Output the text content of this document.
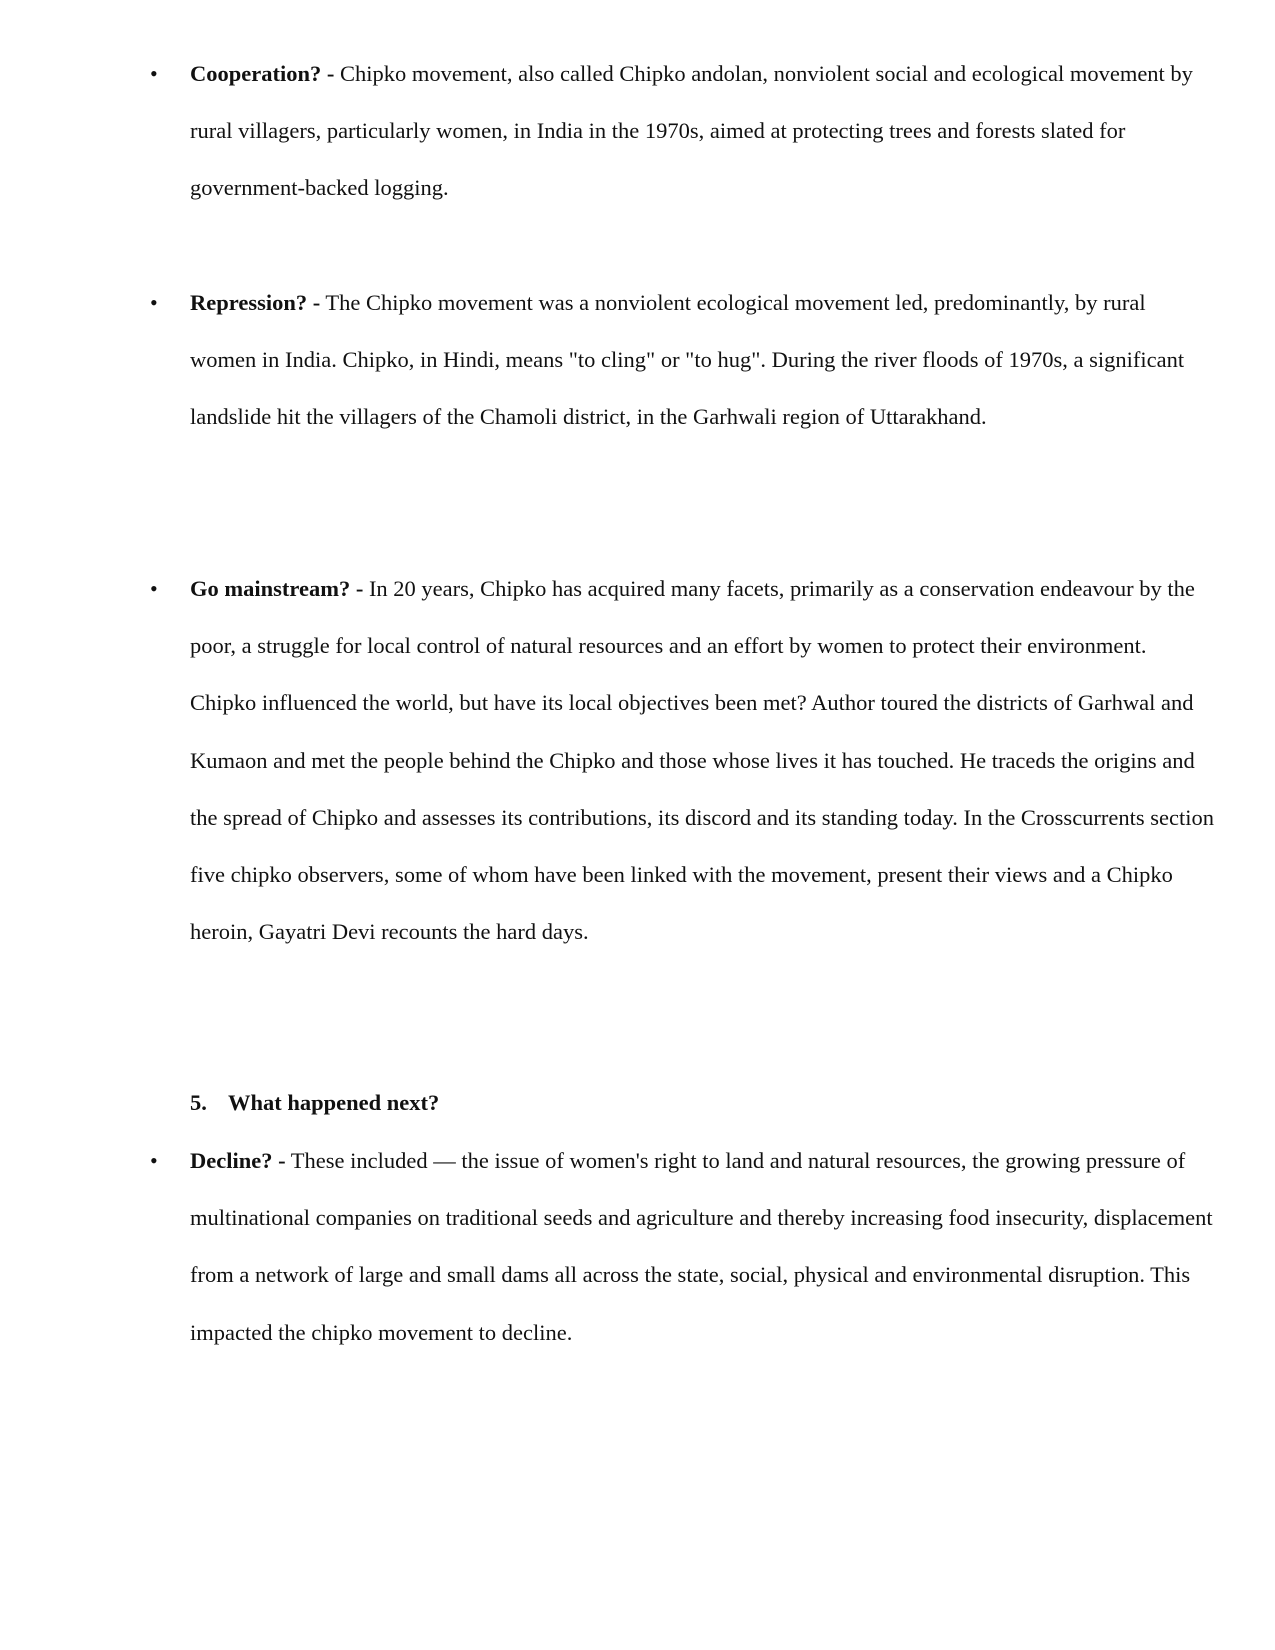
• Cooperation? - Chipko movement, also called Chipko andolan, nonviolent social and ecological movement by rural villagers, particularly women, in India in the 1970s, aimed at protecting trees and forests slated for government-backed logging.
• Repression? - The Chipko movement was a nonviolent ecological movement led, predominantly, by rural women in India. Chipko, in Hindi, means "to cling" or "to hug". During the river floods of 1970s, a significant landslide hit the villagers of the Chamoli district, in the Garhwali region of Uttarakhand.
• Go mainstream? - In 20 years, Chipko has acquired many facets, primarily as a conservation endeavour by the poor, a struggle for local control of natural resources and an effort by women to protect their environment. Chipko influenced the world, but have its local objectives been met? Author toured the districts of Garhwal and Kumaon and met the people behind the Chipko and those whose lives it has touched. He traceds the origins and the spread of Chipko and assesses its contributions, its discord and its standing today. In the Crosscurrents section five chipko observers, some of whom have been linked with the movement, present their views and a Chipko heroin, Gayatri Devi recounts the hard days.
5. What happened next?
• Decline? - These included — the issue of women's right to land and natural resources, the growing pressure of multinational companies on traditional seeds and agriculture and thereby increasing food insecurity, displacement from a network of large and small dams all across the state, social, physical and environmental disruption. This impacted the chipko movement to decline.
